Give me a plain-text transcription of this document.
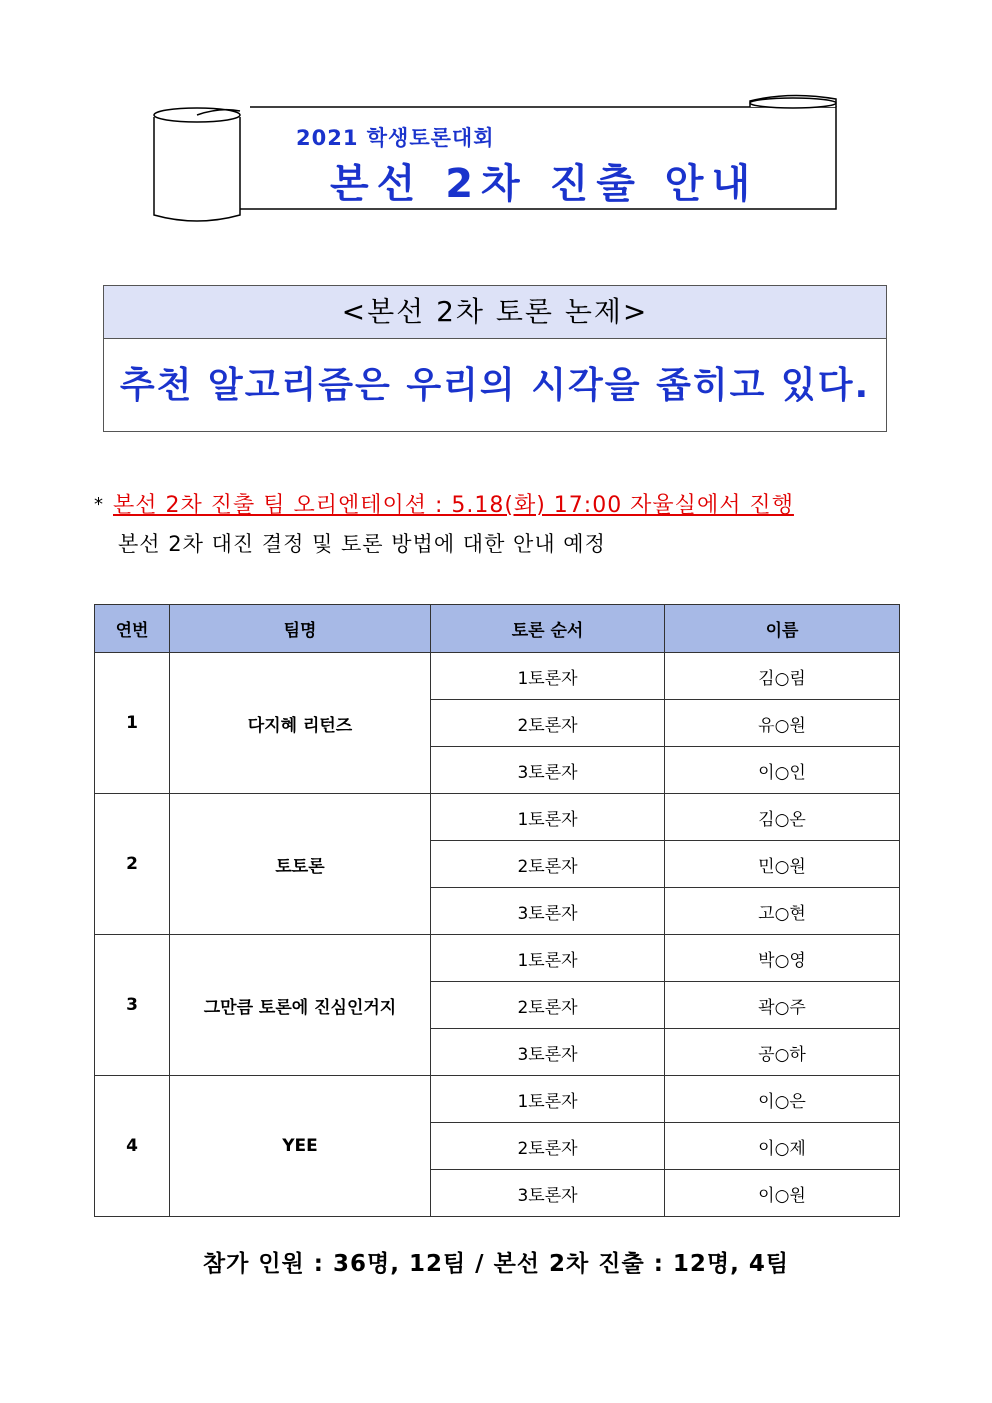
2021 학생토론대회
본선 2차 진출 안내
<본선 2차 토론 논제>
추천 알고리즘은 우리의 시각을 좁히고 있다.
* 본선 2차 진출 팀 오리엔테이션 : 5.18(화) 17:00 자율실에서 진행
본선 2차 대진 결정 및 토론 방법에 대한 안내 예정
연번	팀명	토론 순서	이름
1	다지혜 리턴즈	1토론자	김○림
		2토론자	유○원
		3토론자	이○인
2	토토론	1토론자	김○온
		2토론자	민○원
		3토론자	고○현
3	그만큼 토론에 진심인거지	1토론자	박○영
		2토론자	곽○주
		3토론자	공○하
4	YEE	1토론자	이○은
		2토론자	이○제
		3토론자	이○원
참가 인원 : 36명, 12팀 / 본선 2차 진출 : 12명, 4팀
